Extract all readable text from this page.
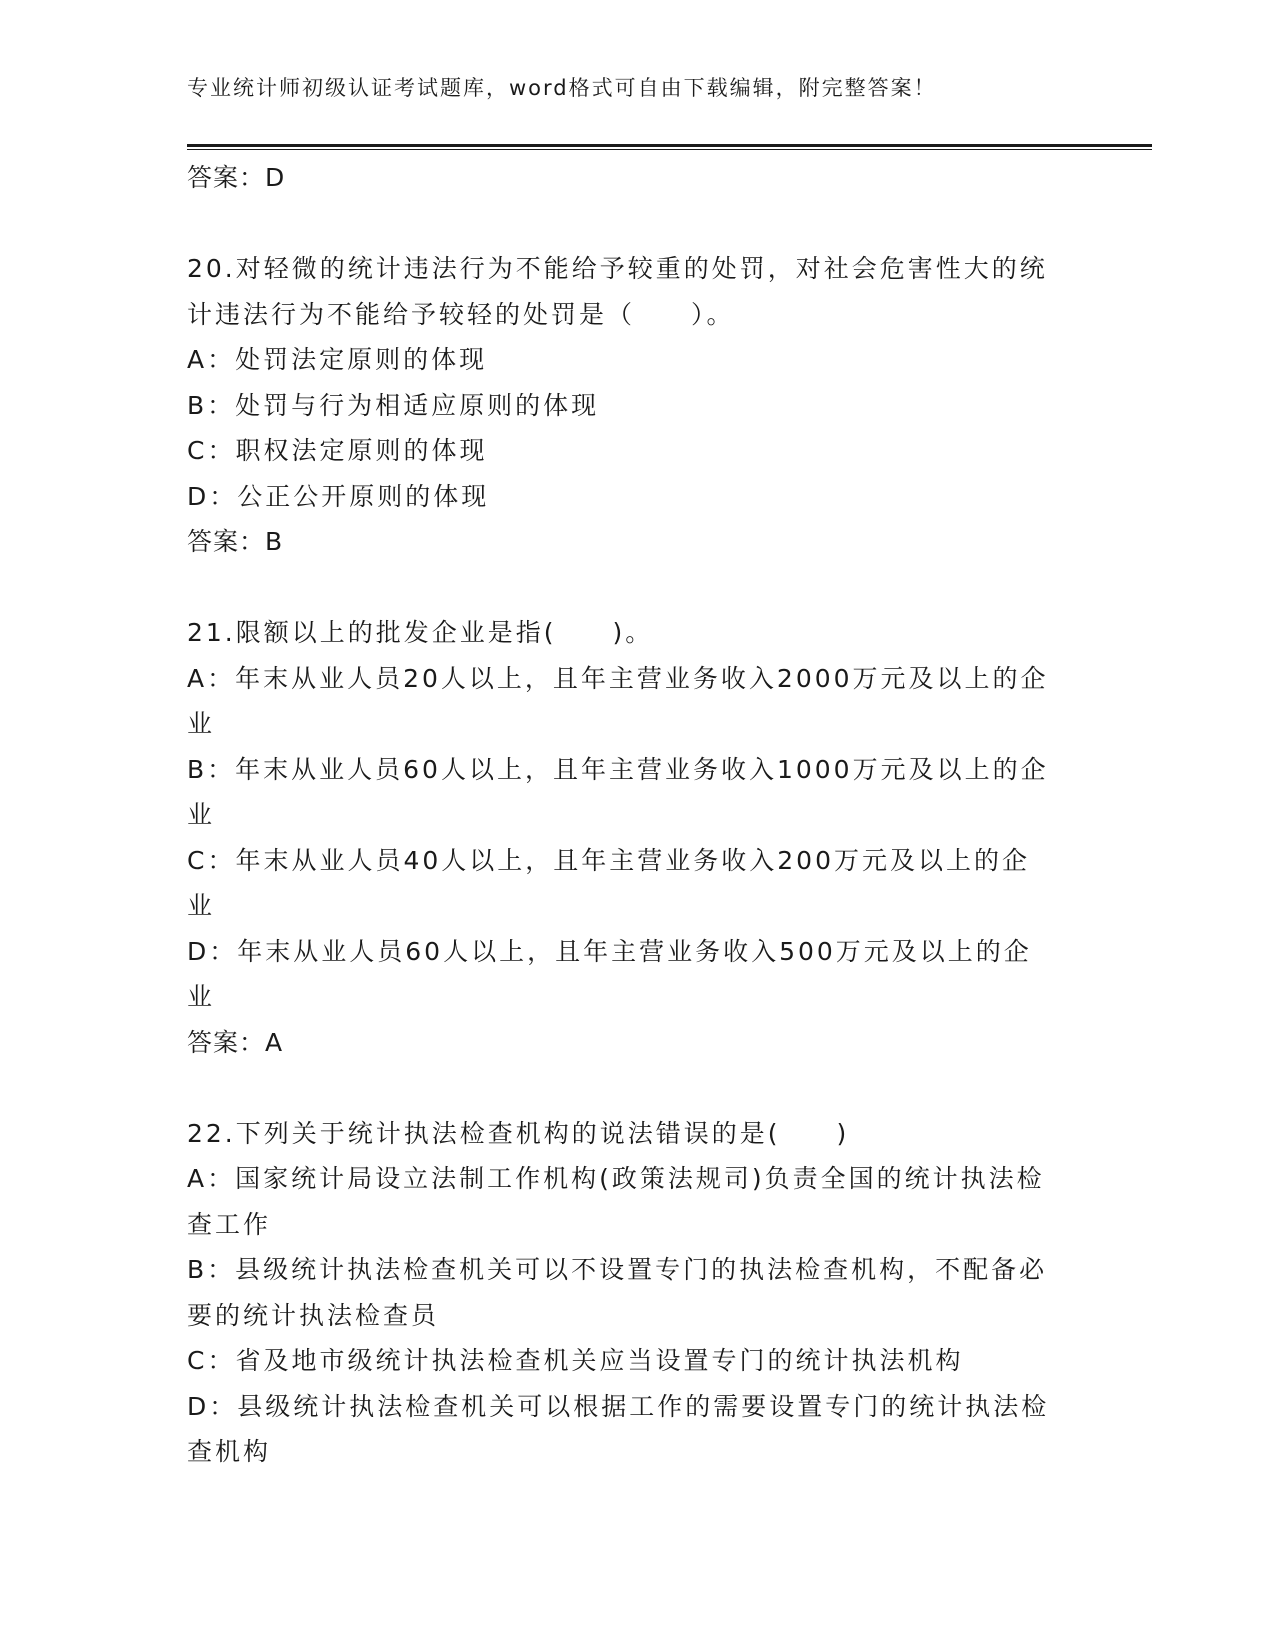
专业统计师初级认证考试题库，word格式可自由下载编辑，附完整答案！
答案：D
20.对轻微的统计违法行为不能给予较重的处罚，对社会危害性大的统
计违法行为不能给予较轻的处罚是（　　）。
A：处罚法定原则的体现
B：处罚与行为相适应原则的体现
C：职权法定原则的体现
D：公正公开原则的体现
答案：B
21.限额以上的批发企业是指(　　)。
A：年末从业人员20人以上，且年主营业务收入2000万元及以上的企
业
B：年末从业人员60人以上，且年主营业务收入1000万元及以上的企
业
C：年末从业人员40人以上，且年主营业务收入200万元及以上的企
业
D：年末从业人员60人以上，且年主营业务收入500万元及以上的企
业
答案：A
22.下列关于统计执法检查机构的说法错误的是(　　)
A：国家统计局设立法制工作机构(政策法规司)负责全国的统计执法检
查工作
B：县级统计执法检查机关可以不设置专门的执法检查机构，不配备必
要的统计执法检查员
C：省及地市级统计执法检查机关应当设置专门的统计执法机构
D：县级统计执法检查机关可以根据工作的需要设置专门的统计执法检
查机构
